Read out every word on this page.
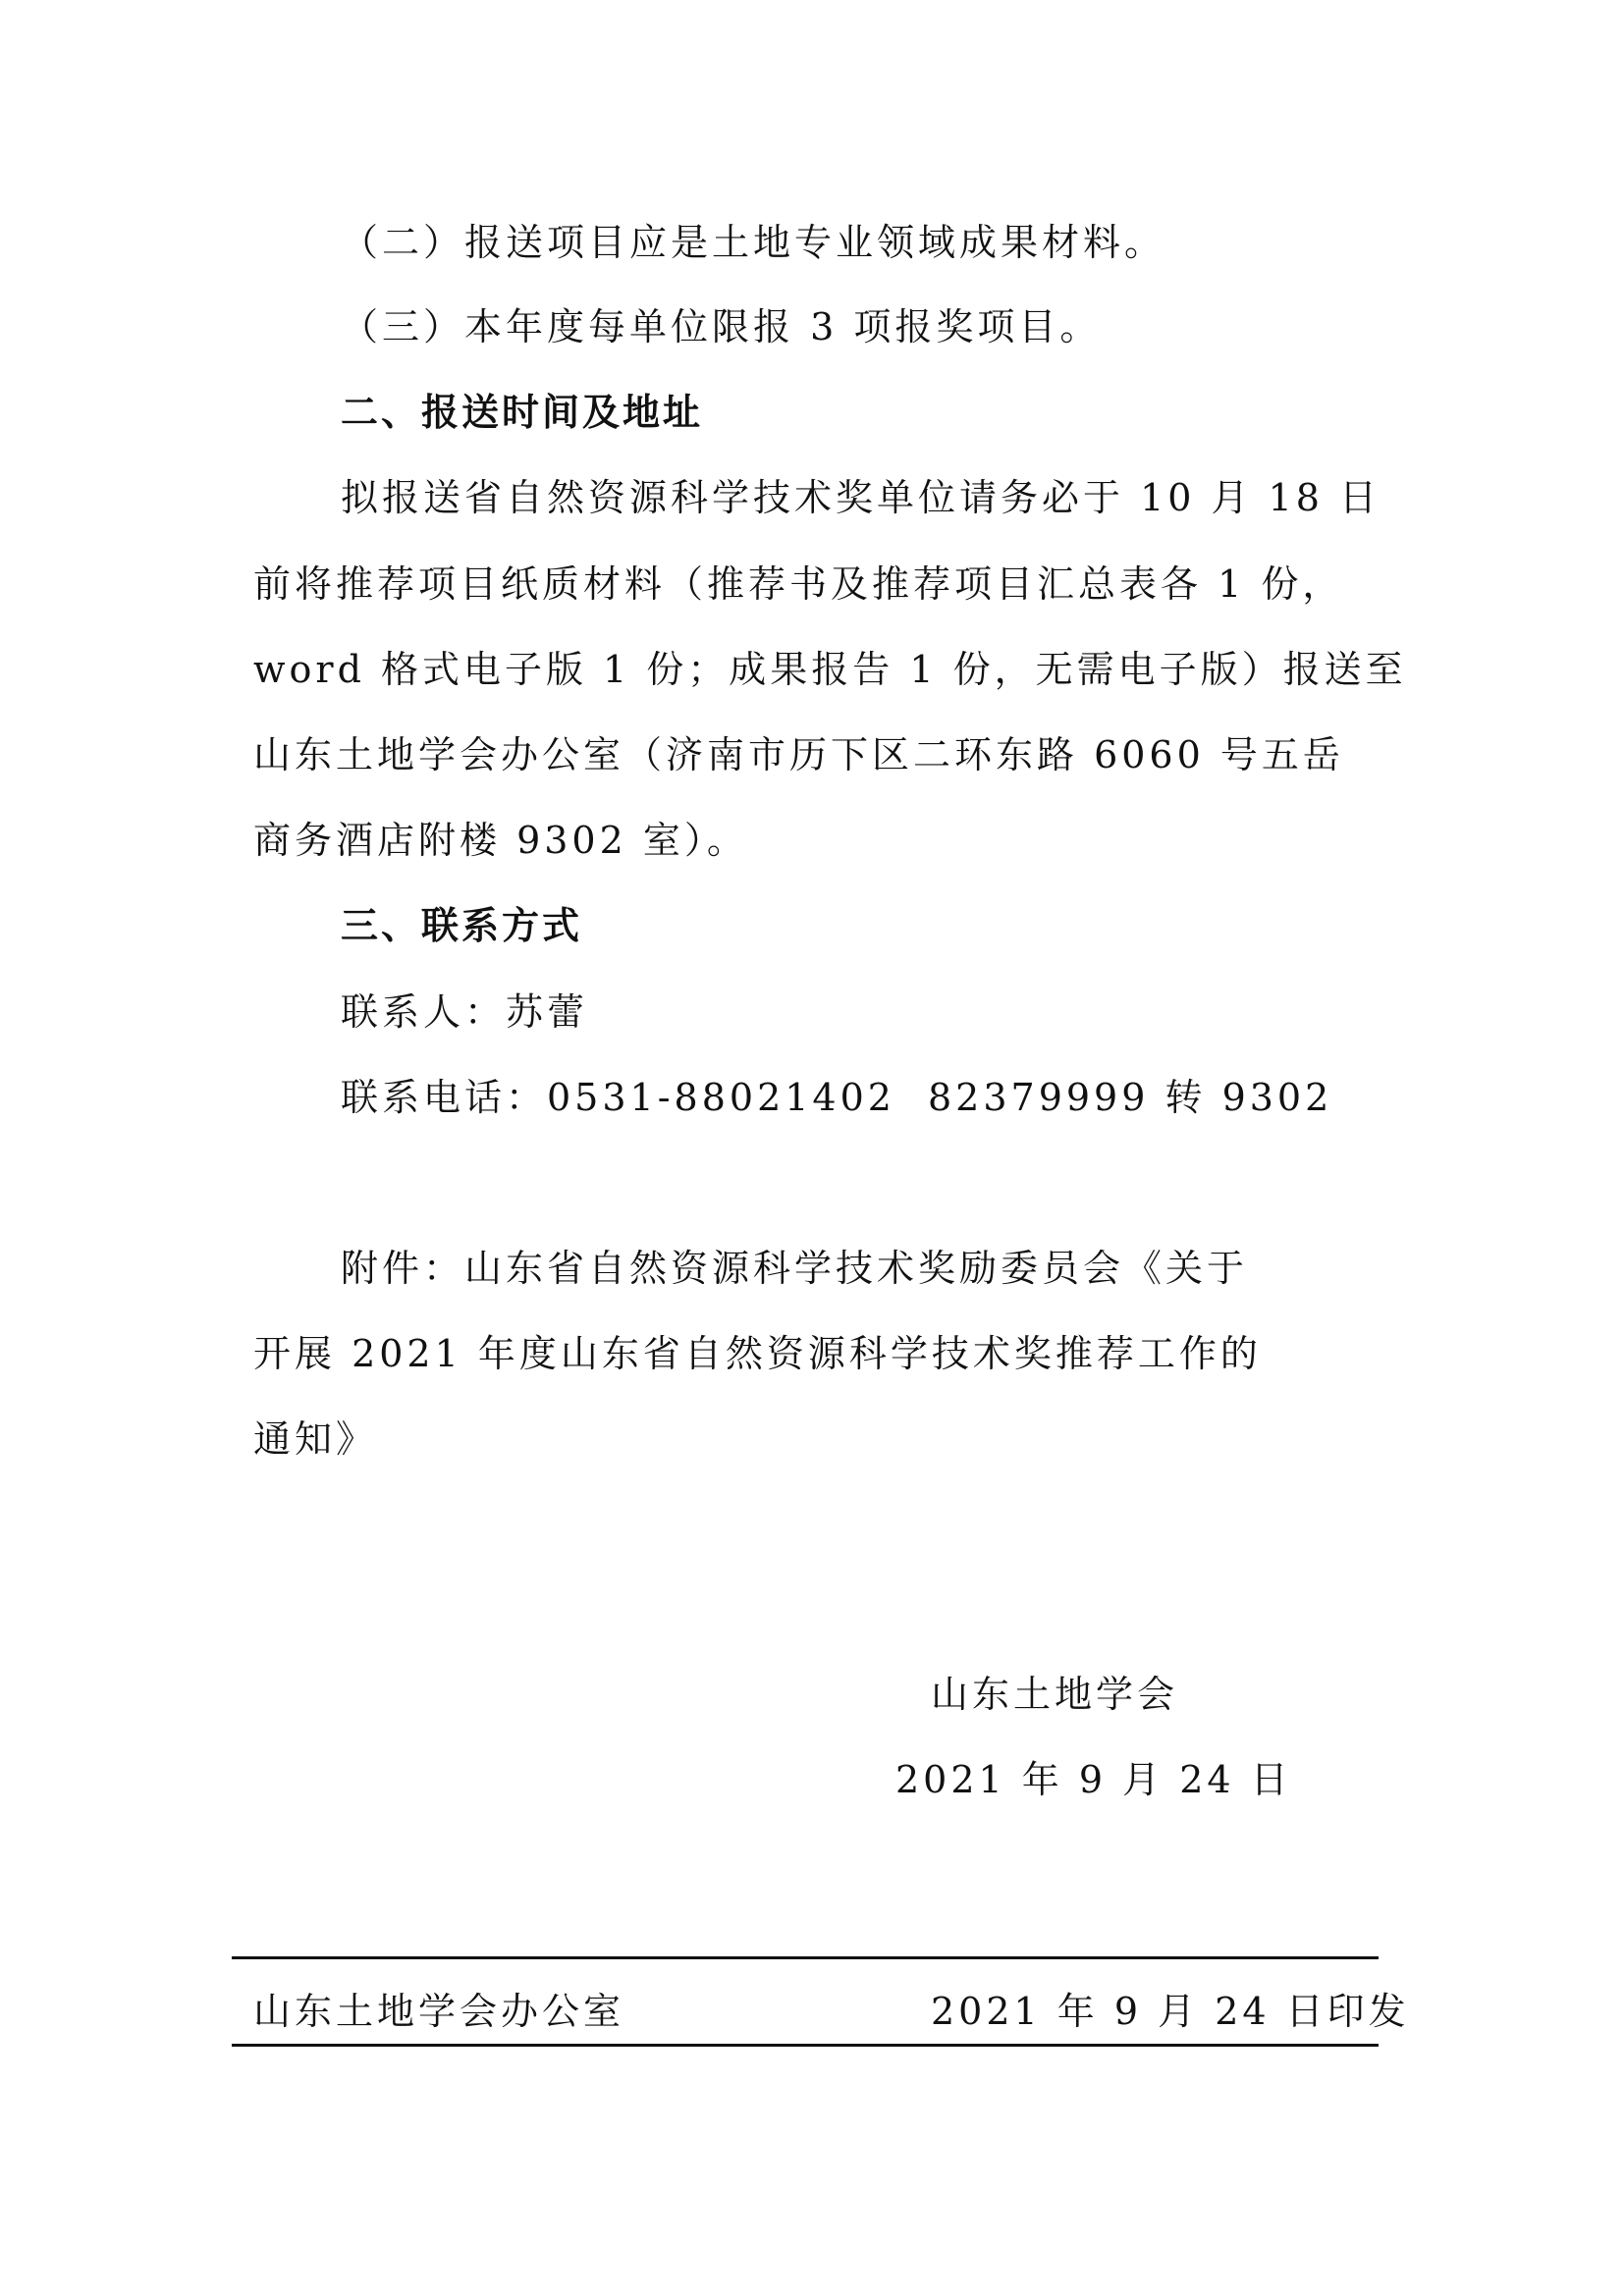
（二）报送项目应是土地专业领域成果材料。

（三）本年度每单位限报 3 项报奖项目。

二、报送时间及地址

拟报送省自然资源科学技术奖单位请务必于 10 月 18 日

前将推荐项目纸质材料（推荐书及推荐项目汇总表各 1 份，

word 格式电子版 1 份；成果报告 1 份，无需电子版）报送至

山东土地学会办公室（济南市历下区二环东路 6060 号五岳

商务酒店附楼 9302 室）。

三、联系方式

联系人：苏蕾

联系电话：0531-88021402 82379999 转 9302

附件：山东省自然资源科学技术奖励委员会《关于

开展 2021 年度山东省自然资源科学技术奖推荐工作的

通知》

山东土地学会

2021 年 9 月 24 日

山东土地学会办公室	2021 年 9 月 24 日印发
